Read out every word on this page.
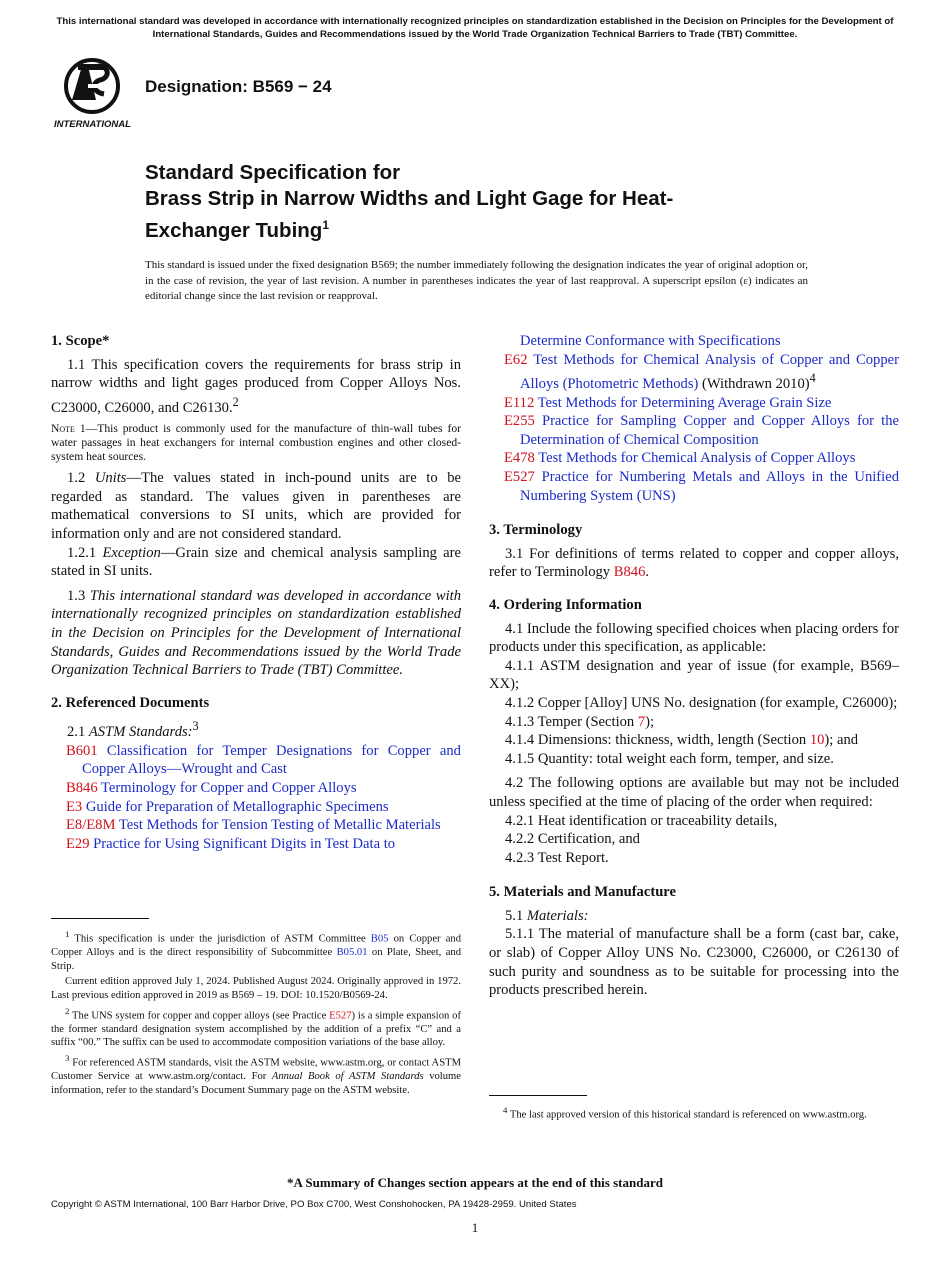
This international standard was developed in accordance with internationally recognized principles on standardization established in the Decision on Principles for the Development of International Standards, Guides and Recommendations issued by the World Trade Organization Technical Barriers to Trade (TBT) Committee.
INTERNATIONAL
Designation: B569 − 24
Standard Specification for
Brass Strip in Narrow Widths and Light Gage for Heat-
Exchanger Tubing$^1$
This standard is issued under the fixed designation B569; the number immediately following the designation indicates the year of original adoption or, in the case of revision, the year of last revision. A number in parentheses indicates the year of last reapproval. A superscript epsilon (ε) indicates an editorial change since the last revision or reapproval.
1. Scope*

1.1 This specification covers the requirements for brass strip in narrow widths and light gages produced from Copper Alloys Nos. C23000, C26000, and C26130.$^2$

Note 1—This product is commonly used for the manufacture of thin-wall tubes for water passages in heat exchangers for internal combustion engines and other closed-system heat sources.

1.2 Units—The values stated in inch-pound units are to be regarded as standard. The values given in parentheses are mathematical conversions to SI units, which are provided for information only and are not considered standard.

1.2.1 Exception—Grain size and chemical analysis sampling are stated in SI units.

1.3 This international standard was developed in accordance with internationally recognized principles on standardization established in the Decision on Principles for the Development of International Standards, Guides and Recommendations issued by the World Trade Organization Technical Barriers to Trade (TBT) Committee.

2. Referenced Documents

2.1 ASTM Standards:$^3$

B601 Classification for Temper Designations for Copper and Copper Alloys—Wrought and Cast

B846 Terminology for Copper and Copper Alloys

E3 Guide for Preparation of Metallographic Specimens

E8/E8M Test Methods for Tension Testing of Metallic Materials

E29 Practice for Using Significant Digits in Test Data to

$^1$ This specification is under the jurisdiction of ASTM Committee B05 on Copper and Copper Alloys and is the direct responsibility of Subcommittee B05.01 on Plate, Sheet, and Strip.

Current edition approved July 1, 2024. Published August 2024. Originally approved in 1972. Last previous edition approved in 2019 as B569 – 19. DOI: 10.1520/B0569-24.

$^2$ The UNS system for copper and copper alloys (see Practice E527) is a simple expansion of the former standard designation system accomplished by the addition of a prefix “C” and a suffix “00.” The suffix can be used to accommodate composition variations of the base alloy.

$^3$ For referenced ASTM standards, visit the ASTM website, www.astm.org, or contact ASTM Customer Service at www.astm.org/contact. For Annual Book of ASTM Standards volume information, refer to the standard’s Document Summary page on the ASTM website.

Determine Conformance with Specifications

E62 Test Methods for Chemical Analysis of Copper and Copper Alloys (Photometric Methods) (Withdrawn 2010)$^4$

E112 Test Methods for Determining Average Grain Size

E255 Practice for Sampling Copper and Copper Alloys for the Determination of Chemical Composition

E478 Test Methods for Chemical Analysis of Copper Alloys

E527 Practice for Numbering Metals and Alloys in the Unified Numbering System (UNS)

3. Terminology

3.1 For definitions of terms related to copper and copper alloys, refer to Terminology B846.

4. Ordering Information

4.1 Include the following specified choices when placing orders for products under this specification, as applicable:

4.1.1 ASTM designation and year of issue (for example, B569–XX);

4.1.2 Copper [Alloy] UNS No. designation (for example, C26000);

4.1.3 Temper (Section 7);

4.1.4 Dimensions: thickness, width, length (Section 10); and

4.1.5 Quantity: total weight each form, temper, and size.

4.2 The following options are available but may not be included unless specified at the time of placing of the order when required:

4.2.1 Heat identification or traceability details,

4.2.2 Certification, and

4.2.3 Test Report.

5. Materials and Manufacture

5.1 Materials:

5.1.1 The material of manufacture shall be a form (cast bar, cake, or slab) of Copper Alloy UNS No. C23000, C26000, or C26130 of such purity and soundness as to be suitable for processing into the products prescribed herein.

$^4$ The last approved version of this historical standard is referenced on www.astm.org.

*A Summary of Changes section appears at the end of this standard
Copyright © ASTM International, 100 Barr Harbor Drive, PO Box C700, West Conshohocken, PA 19428-2959. United States
1
